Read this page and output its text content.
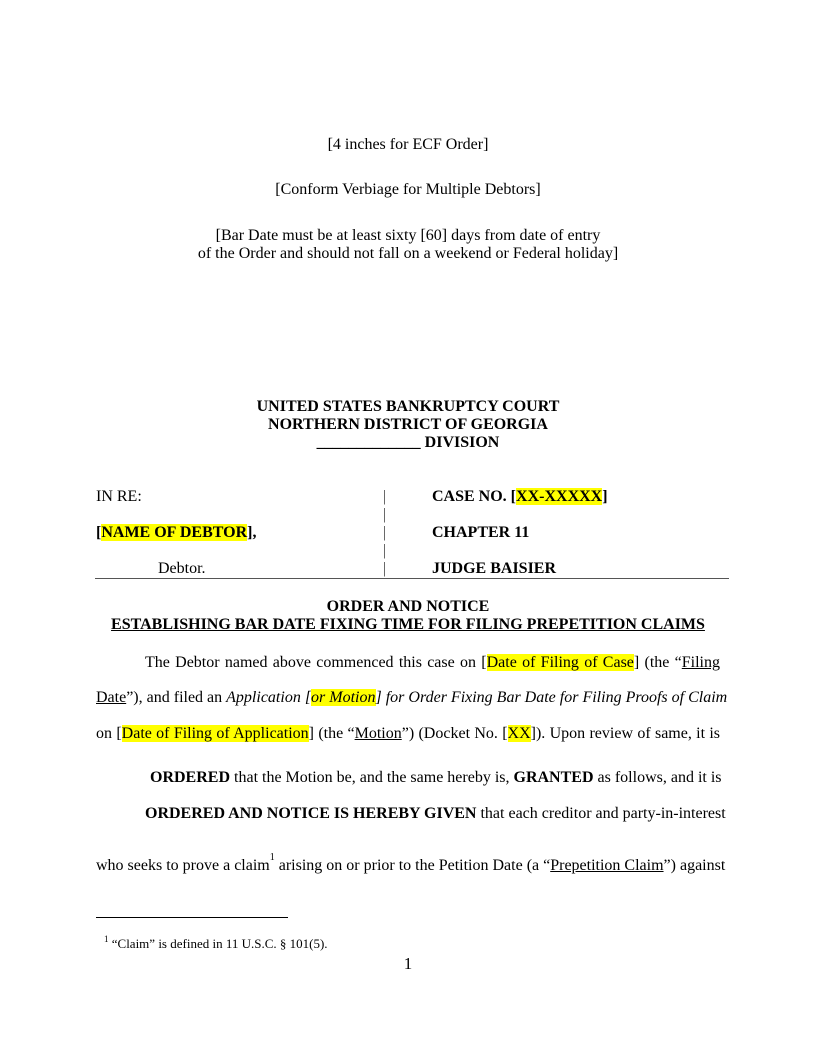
[4 inches for ECF Order]
[Conform Verbiage for Multiple Debtors]
[Bar Date must be at least sixty [60] days from date of entry
of the Order and should not fall on a weekend or Federal holiday]
UNITED STATES BANKRUPTCY COURT
NORTHERN DISTRICT OF GEORGIA
_____________ DIVISION
IN RE:
[NAME OF DEBTOR],
Debtor.
|
|
|
|
|
CASE NO. [XX-XXXXX]
CHAPTER 11
JUDGE BAISIER
ORDER AND NOTICE
ESTABLISHING BAR DATE FIXING TIME FOR FILING PREPETITION CLAIMS
The Debtor named above commenced this case on [Date of Filing of Case] (the “Filing
Date”), and filed an Application [or Motion] for Order Fixing Bar Date for Filing Proofs of Claim
on [Date of Filing of Application] (the “Motion”) (Docket No. [XX]). Upon review of same, it is
ORDERED that the Motion be, and the same hereby is, GRANTED as follows, and it is
ORDERED AND NOTICE IS HEREBY GIVEN that each creditor and party-in-interest
who seeks to prove a claim$^1$ arising on or prior to the Petition Date (a “Prepetition Claim”) against
$^1$ “Claim” is defined in 11 U.S.C. § 101(5).
1
